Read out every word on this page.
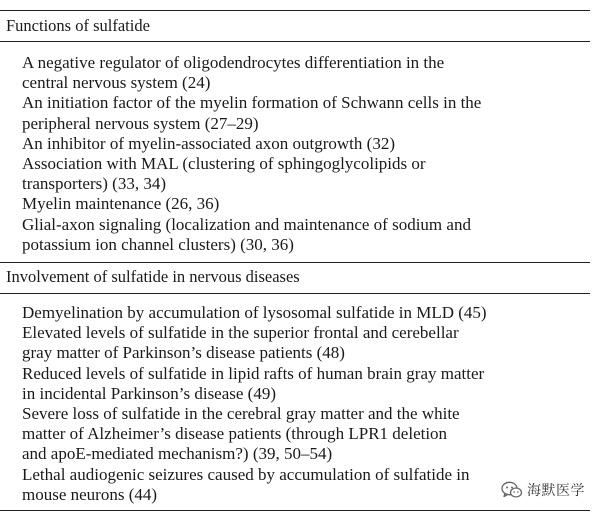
Functions of sulfatide
A negative regulator of oligodendrocytes differentiation in the
central nervous system (24)
An initiation factor of the myelin formation of Schwann cells in the
peripheral nervous system (27–29)
An inhibitor of myelin-associated axon outgrowth (32)
Association with MAL (clustering of sphingoglycolipids or
transporters) (33, 34)
Myelin maintenance (26, 36)
Glial-axon signaling (localization and maintenance of sodium and
potassium ion channel clusters) (30, 36)
Involvement of sulfatide in nervous diseases
Demyelination by accumulation of lysosomal sulfatide in MLD (45)
Elevated levels of sulfatide in the superior frontal and cerebellar
gray matter of Parkinson’s disease patients (48)
Reduced levels of sulfatide in lipid rafts of human brain gray matter
in incidental Parkinson’s disease (49)
Severe loss of sulfatide in the cerebral gray matter and the white
matter of Alzheimer’s disease patients (through LPR1 deletion
and apoE-mediated mechanism?) (39, 50–54)
Lethal audiogenic seizures caused by accumulation of sulfatide in
mouse neurons (44)	海默医学
